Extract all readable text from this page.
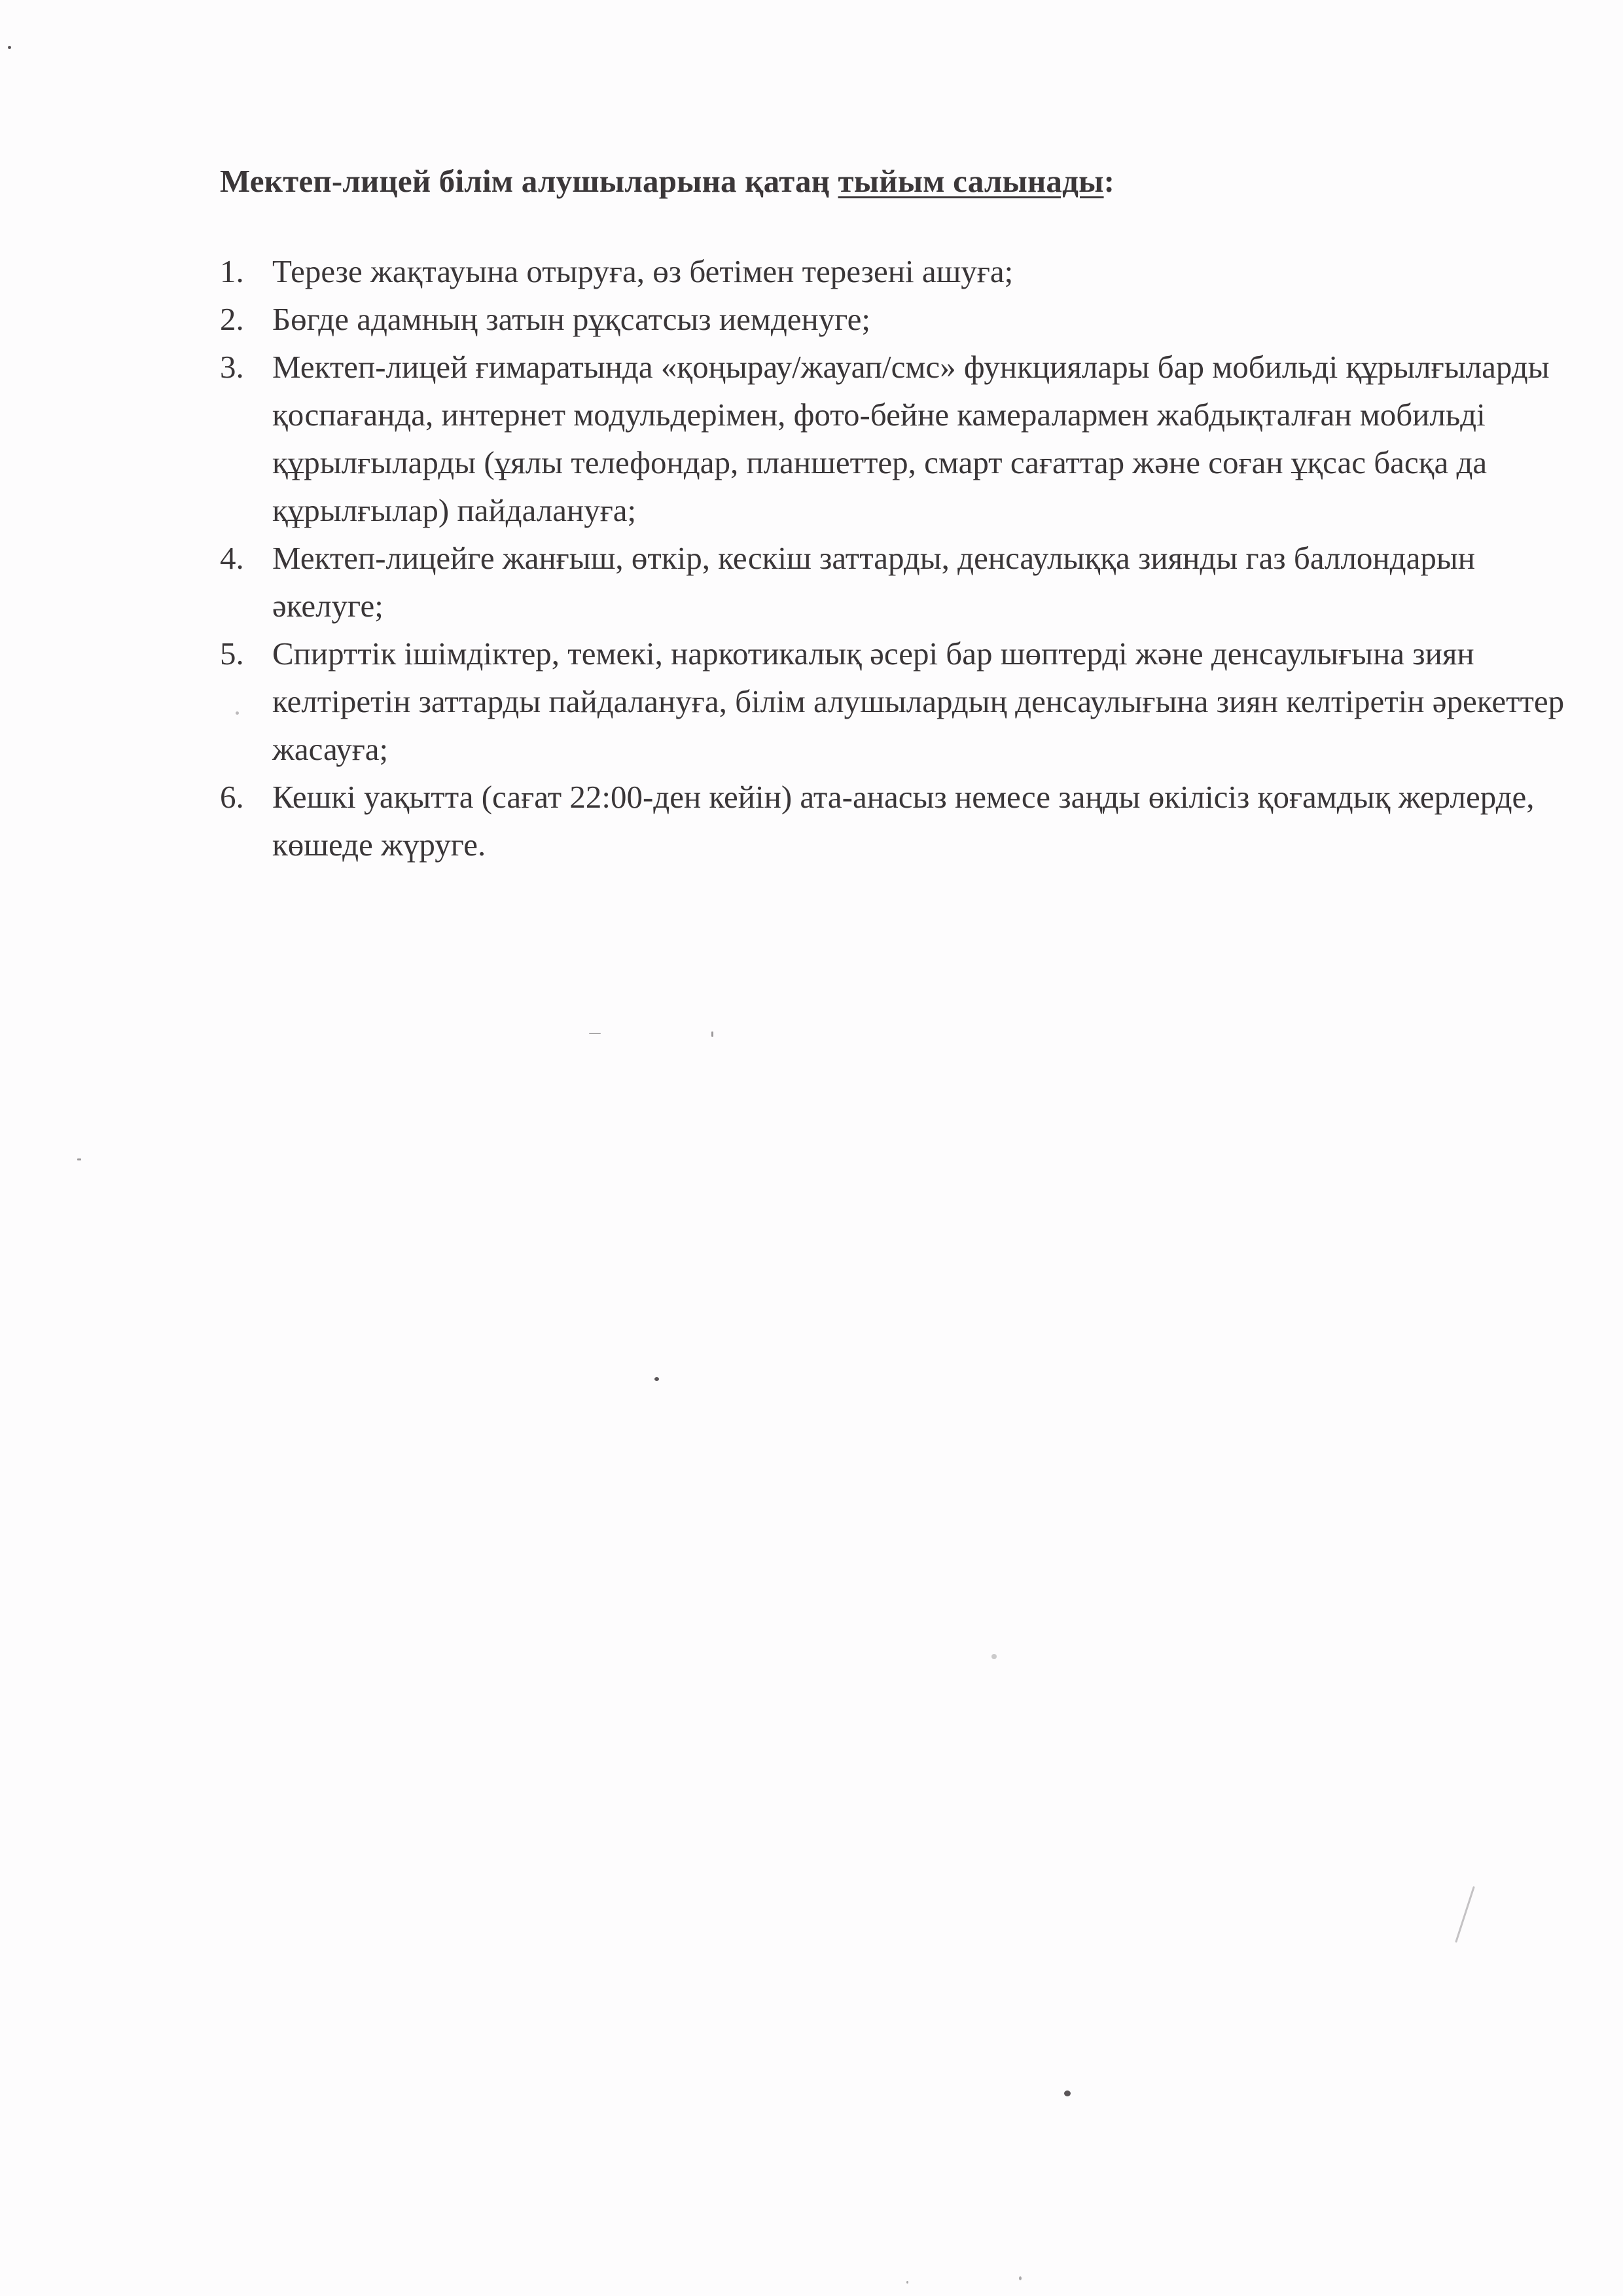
Мектеп-лицей білім алушыларына қатаң тыйым салынады:
1. Терезе жақтауына отыруға, өз бетімен терезені ашуға;
2. Бөгде адамның затын рұқсатсыз иемденуге;
3. Мектеп-лицей ғимаратында «қоңырау/жауап/смс» функциялары бар мобильді құрылғыларды қоспағанда, интернет модульдерімен, фото-бейне камералармен жабдықталған мобильді құрылғыларды (ұялы телефондар, планшеттер, смарт сағаттар және соған ұқсас басқа да құрылғылар) пайдалануға;
4. Мектеп-лицейге жанғыш, өткір, кескіш заттарды, денсаулыққа зиянды газ баллондарын әкелуге;
5. Спирттік ішімдіктер, темекі, наркотикалық әсері бар шөптерді және денсаулығына зиян келтіретін заттарды пайдалануға, білім алушылардың денсаулығына зиян келтіретін әрекеттер жасауға;
6. Кешкі уақытта (сағат 22:00-ден кейін) ата-анасыз немесе заңды өкілісіз қоғамдық жерлерде, көшеде жүруге.
